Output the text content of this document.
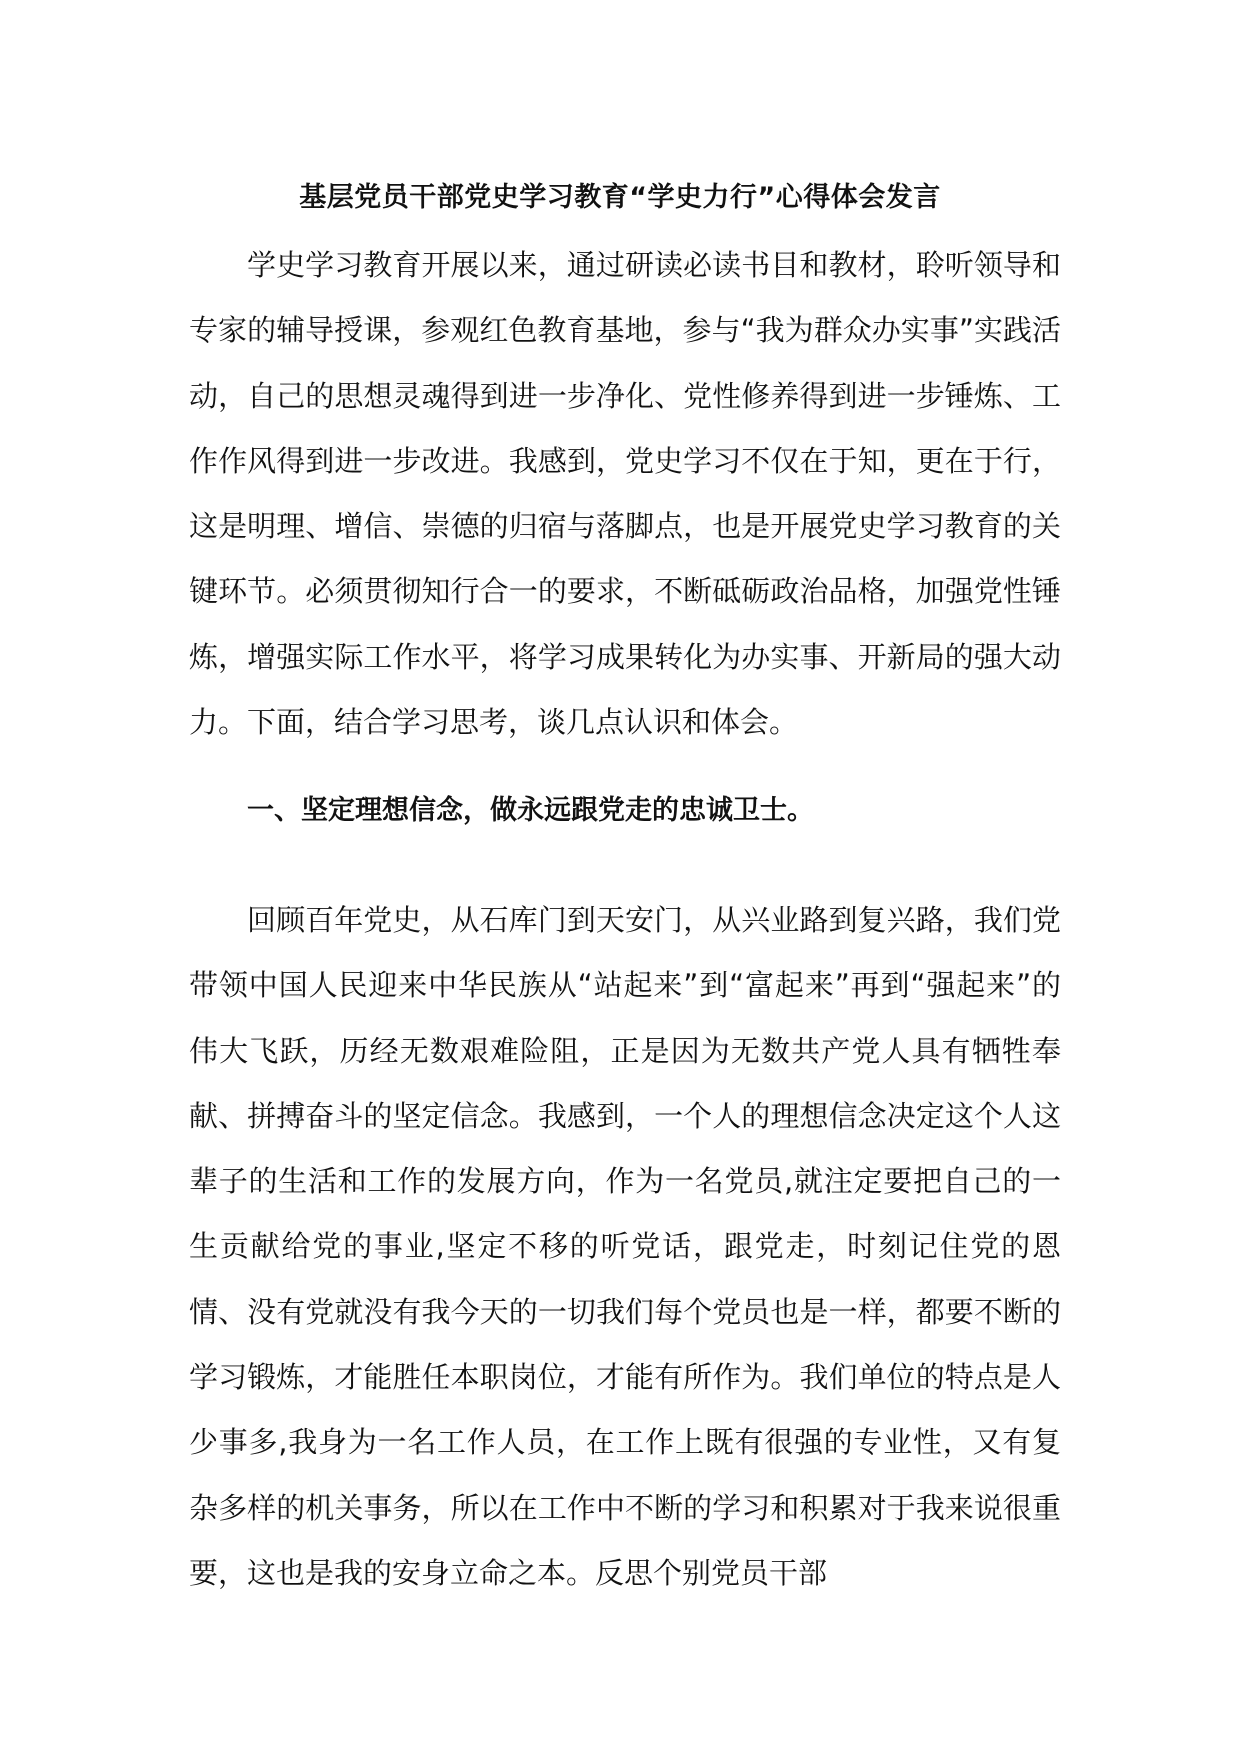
基层党员干部党史学习教育“学史力行”心得体会发言

学史学习教育开展以来，通过研读必读书目和教材，聆听领导和专家的辅导授课，参观红色教育基地，参与“我为群众办实事”实践活动，自己的思想灵魂得到进一步净化、党性修养得到进一步锤炼、工作作风得到进一步改进。我感到，党史学习不仅在于知，更在于行，这是明理、增信、崇德的归宿与落脚点，也是开展党史学习教育的关键环节。必须贯彻知行合一的要求，不断砥砺政治品格，加强党性锤炼，增强实际工作水平，将学习成果转化为办实事、开新局的强大动力。下面，结合学习思考，谈几点认识和体会。

一、坚定理想信念，做永远跟党走的忠诚卫士。

回顾百年党史，从石库门到天安门，从兴业路到复兴路，我们党带领中国人民迎来中华民族从“站起来”到“富起来”再到“强起来”的伟大飞跃，历经无数艰难险阻，正是因为无数共产党人具有牺牲奉献、拼搏奋斗的坚定信念。我感到，一个人的理想信念决定这个人这辈子的生活和工作的发展方向，作为一名党员,就注定要把自己的一生贡献给党的事业,坚定不移的听党话，跟党走，时刻记住党的恩情、没有党就没有我今天的一切我们每个党员也是一样，都要不断的学习锻炼，才能胜任本职岗位，才能有所作为。我们单位的特点是人少事多,我身为一名工作人员，在工作上既有很强的专业性，又有复杂多样的机关事务，所以在工作中不断的学习和积累对于我来说很重要，这也是我的安身立命之本。反思个别党员干部
